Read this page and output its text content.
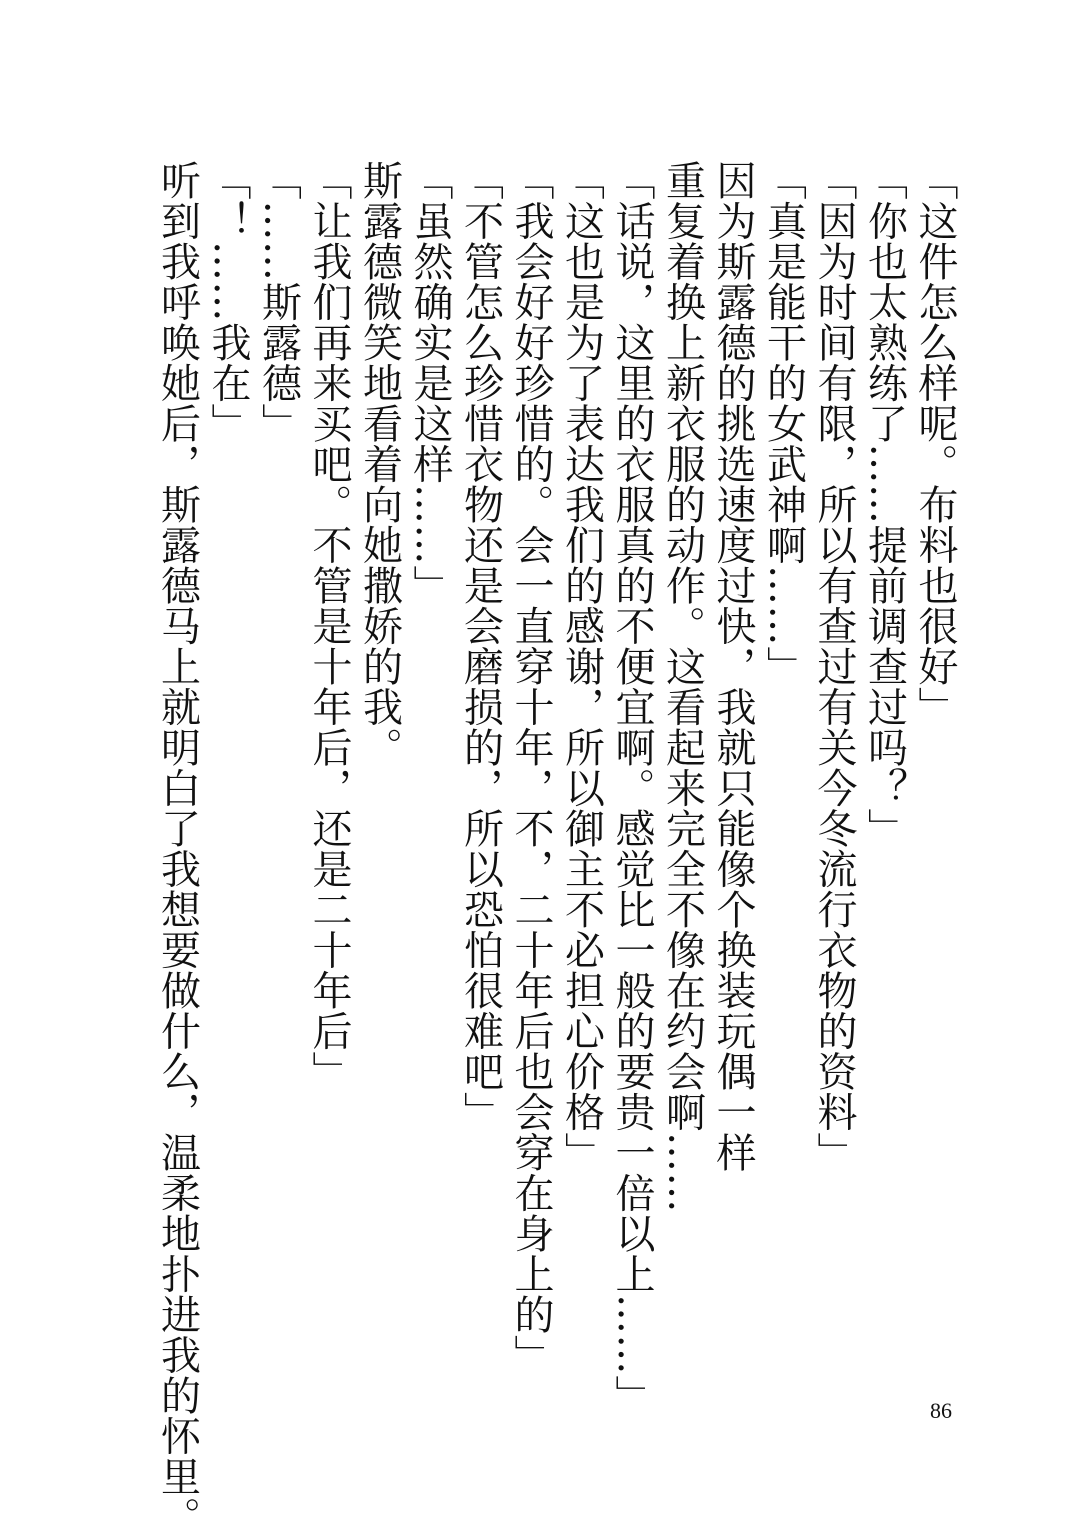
「这件怎么样呢。布料也很好」
「你也太熟练了……提前调查过吗？」
「因为时间有限，所以有查过有关今冬流行衣物的资料」
「真是能干的女武神啊……」
因为斯露德的挑选速度过快，我就只能像个换装玩偶一样
重复着换上新衣服的动作。这看起来完全不像在约会啊……
「话说，这里的衣服真的不便宜啊。感觉比一般的要贵一倍以上……」
「这也是为了表达我们的感谢，所以御主不必担心价格」
「我会好好珍惜的。会一直穿十年，不，二十年后也会穿在身上的」
「不管怎么珍惜衣物还是会磨损的，所以恐怕很难吧」
「虽然确实是这样……」
斯露德微笑地看着向她撒娇的我。
「让我们再来买吧。不管是十年后，还是二十年后」
「……斯露德」
「！……我在」
听到我呼唤她后，斯露德马上就明白了我想要做什么，温柔地扑进我的怀里。	86
